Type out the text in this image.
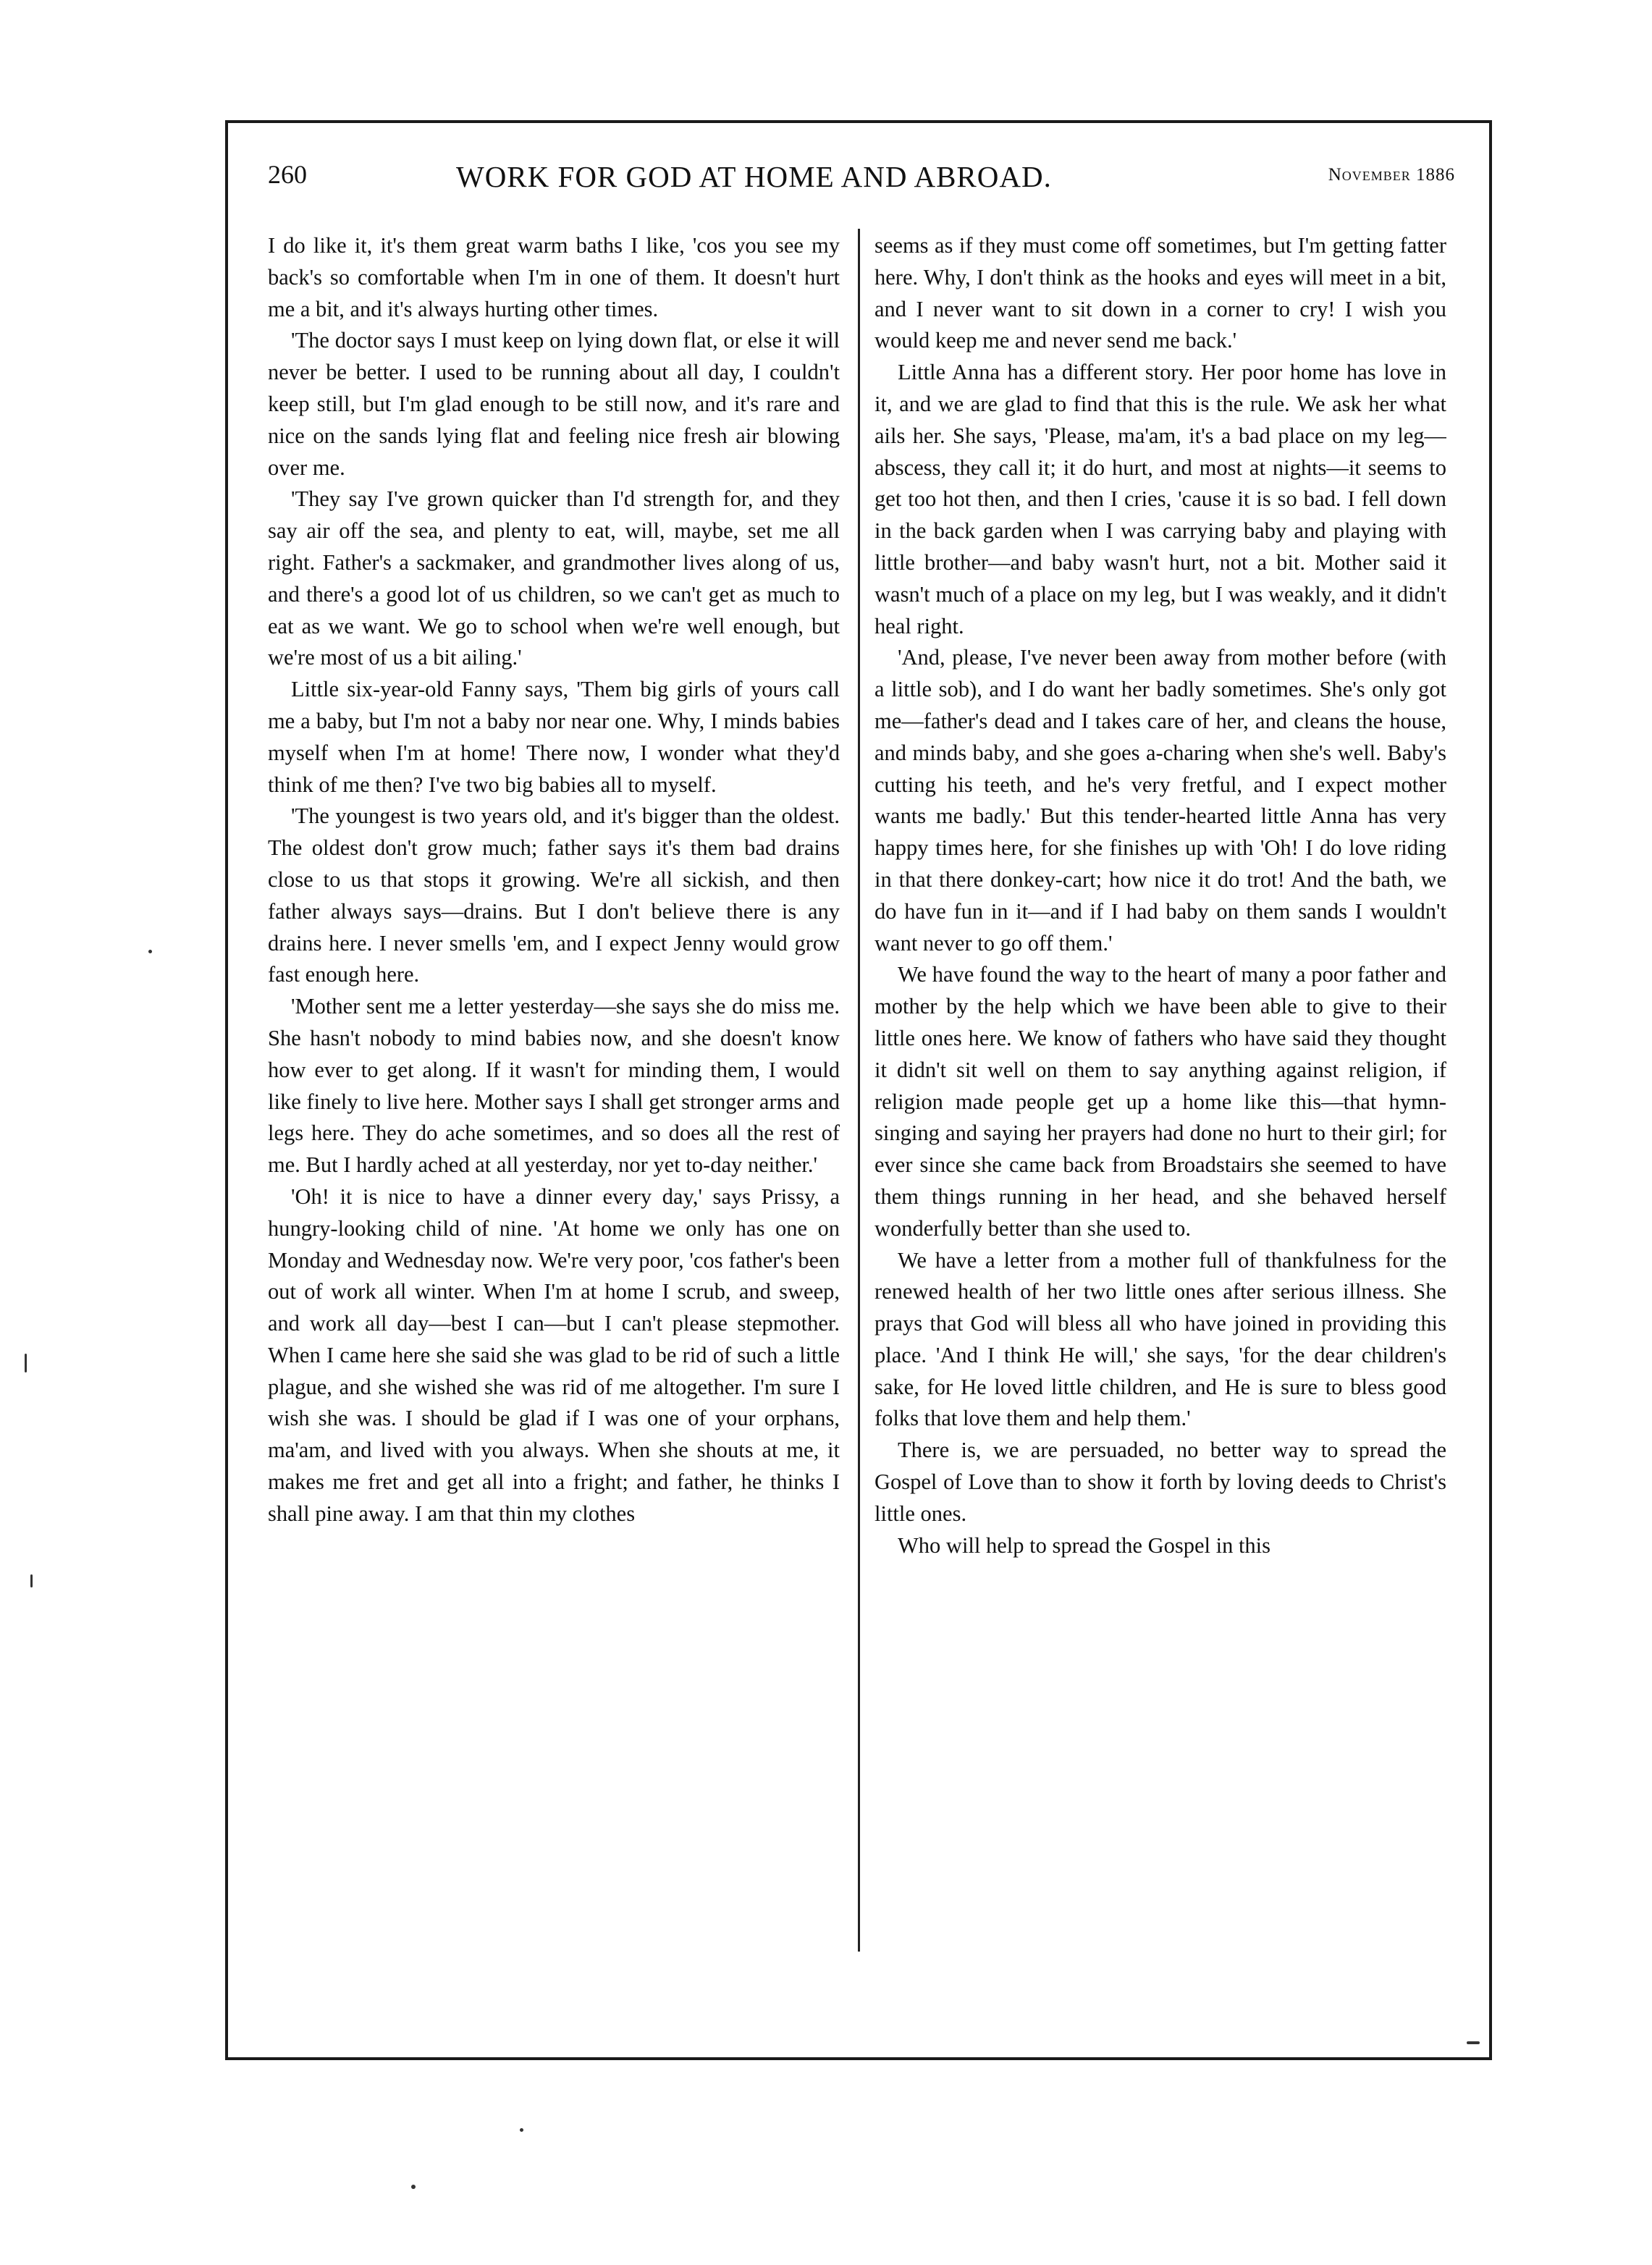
260	WORK FOR GOD AT HOME AND ABROAD.	November 1886

I do like it, it's them great warm baths I like, 'cos you see my back's so comfortable when I'm in one of them. It doesn't hurt me a bit, and it's always hurting other times.

'The doctor says I must keep on lying down flat, or else it will never be better. I used to be running about all day, I couldn't keep still, but I'm glad enough to be still now, and it's rare and nice on the sands lying flat and feeling nice fresh air blowing over me.

'They say I've grown quicker than I'd strength for, and they say air off the sea, and plenty to eat, will, maybe, set me all right. Father's a sackmaker, and grandmother lives along of us, and there's a good lot of us children, so we can't get as much to eat as we want. We go to school when we're well enough, but we're most of us a bit ailing.'

Little six-year-old Fanny says, 'Them big girls of yours call me a baby, but I'm not a baby nor near one. Why, I minds babies myself when I'm at home! There now, I wonder what they'd think of me then? I've two big babies all to myself.

'The youngest is two years old, and it's bigger than the oldest. The oldest don't grow much; father says it's them bad drains close to us that stops it growing. We're all sickish, and then father always says—drains. But I don't believe there is any drains here. I never smells 'em, and I expect Jenny would grow fast enough here.

'Mother sent me a letter yesterday—she says she do miss me. She hasn't nobody to mind babies now, and she doesn't know how ever to get along. If it wasn't for minding them, I would like finely to live here. Mother says I shall get stronger arms and legs here. They do ache sometimes, and so does all the rest of me. But I hardly ached at all yesterday, nor yet to-day neither.'

'Oh! it is nice to have a dinner every day,' says Prissy, a hungry-looking child of nine. 'At home we only has one on Monday and Wednesday now. We're very poor, 'cos father's been out of work all winter. When I'm at home I scrub, and sweep, and work all day—best I can—but I can't please stepmother. When I came here she said she was glad to be rid of such a little plague, and she wished she was rid of me altogether. I'm sure I wish she was. I should be glad if I was one of your orphans, ma'am, and lived with you always. When she shouts at me, it makes me fret and get all into a fright; and father, he thinks I shall pine away. I am that thin my clothes

seems as if they must come off sometimes, but I'm getting fatter here. Why, I don't think as the hooks and eyes will meet in a bit, and I never want to sit down in a corner to cry! I wish you would keep me and never send me back.'

Little Anna has a different story. Her poor home has love in it, and we are glad to find that this is the rule. We ask her what ails her. She says, 'Please, ma'am, it's a bad place on my leg—abscess, they call it; it do hurt, and most at nights—it seems to get too hot then, and then I cries, 'cause it is so bad. I fell down in the back garden when I was carrying baby and playing with little brother—and baby wasn't hurt, not a bit. Mother said it wasn't much of a place on my leg, but I was weakly, and it didn't heal right.

'And, please, I've never been away from mother before (with a little sob), and I do want her badly sometimes. She's only got me—father's dead and I takes care of her, and cleans the house, and minds baby, and she goes a-charing when she's well. Baby's cutting his teeth, and he's very fretful, and I expect mother wants me badly.' But this tender-hearted little Anna has very happy times here, for she finishes up with 'Oh! I do love riding in that there donkey-cart; how nice it do trot! And the bath, we do have fun in it—and if I had baby on them sands I wouldn't want never to go off them.'

We have found the way to the heart of many a poor father and mother by the help which we have been able to give to their little ones here. We know of fathers who have said they thought it didn't sit well on them to say anything against religion, if religion made people get up a home like this—that hymn-singing and saying her prayers had done no hurt to their girl; for ever since she came back from Broadstairs she seemed to have them things running in her head, and she behaved herself wonderfully better than she used to.

We have a letter from a mother full of thankfulness for the renewed health of her two little ones after serious illness. She prays that God will bless all who have joined in providing this place. 'And I think He will,' she says, 'for the dear children's sake, for He loved little children, and He is sure to bless good folks that love them and help them.'

There is, we are persuaded, no better way to spread the Gospel of Love than to show it forth by loving deeds to Christ's little ones.

Who will help to spread the Gospel in this
